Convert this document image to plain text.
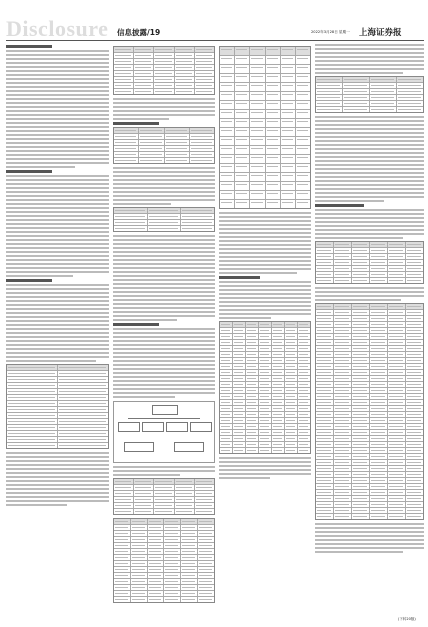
Disclosure 信息披露/19	2022年3月28日 星期一 上海证券报
(下转20版)
